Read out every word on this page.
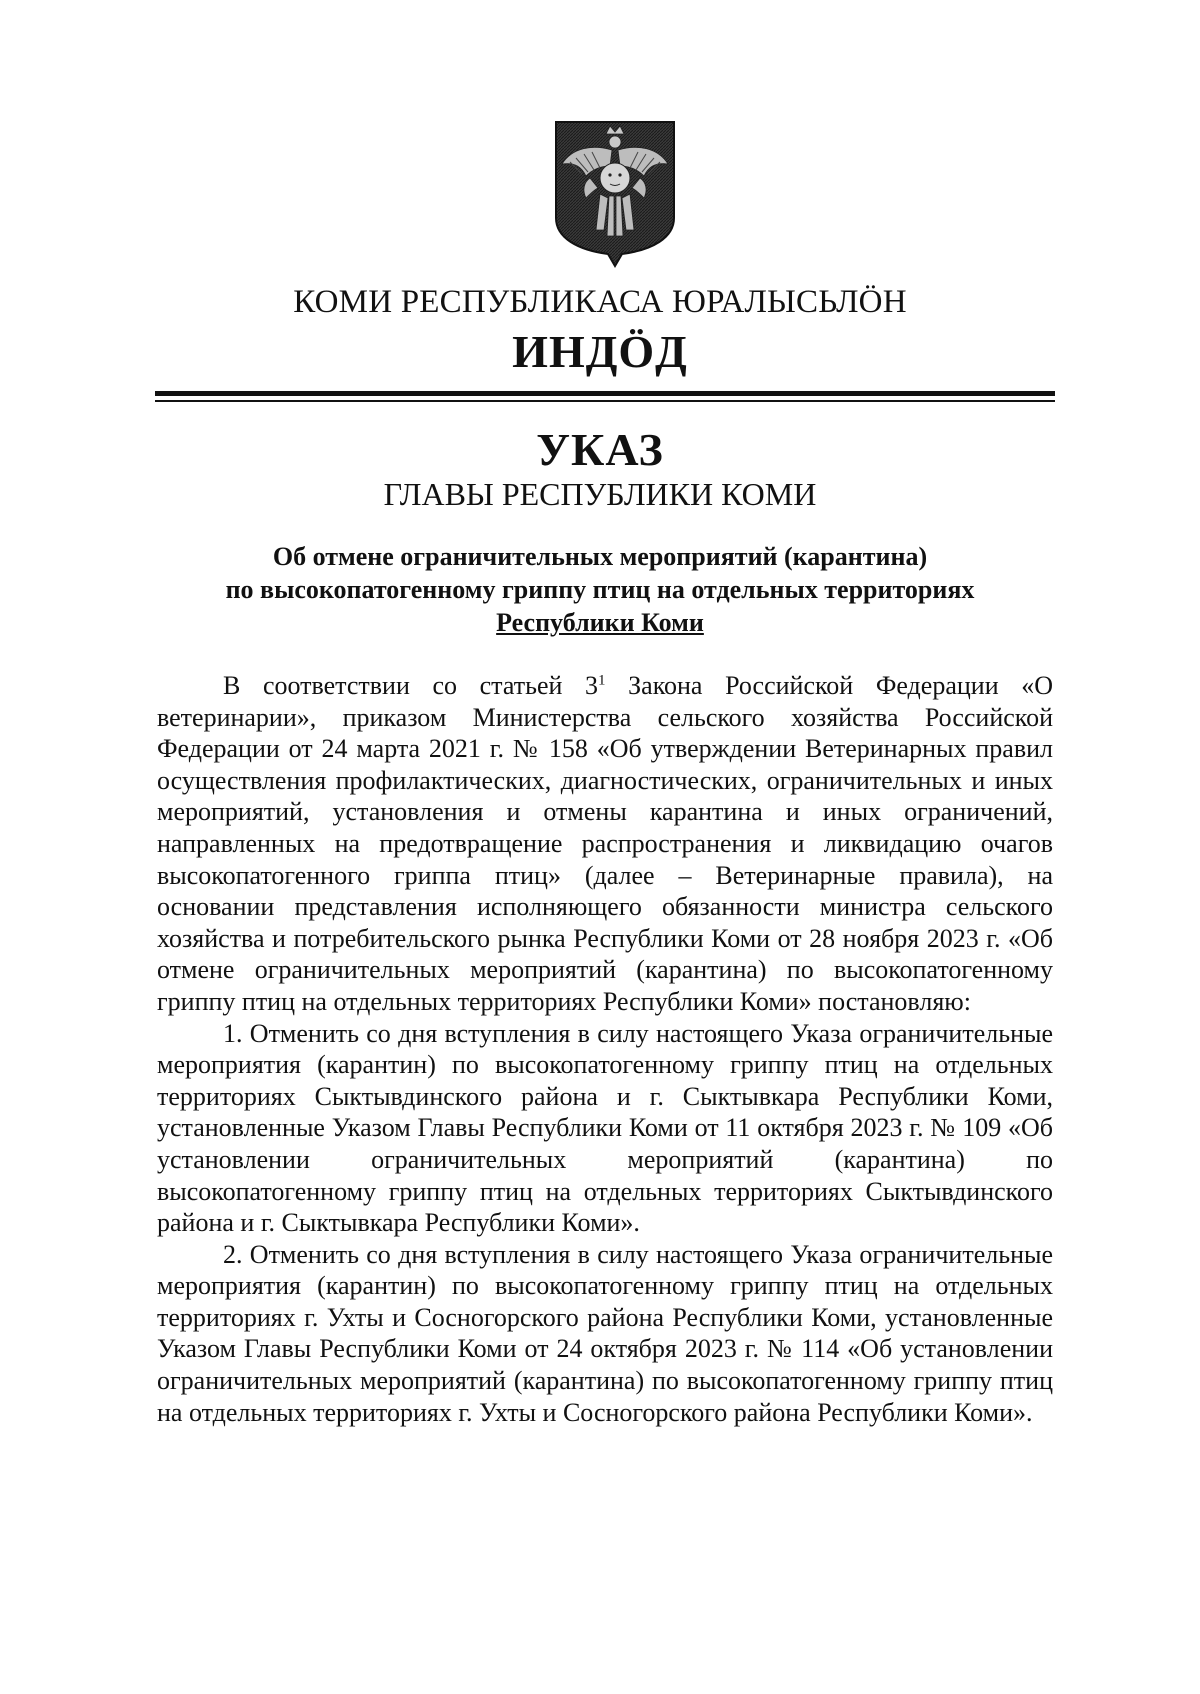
КОМИ РЕСПУБЛИКАСА ЮРАЛЫСЬЛÖН
ИНДÖД
УКАЗ
ГЛАВЫ РЕСПУБЛИКИ КОМИ
Об отмене ограничительных мероприятий (карантина)
по высокопатогенному гриппу птиц на отдельных территориях
Республики Коми

В соответствии со статьей $3^1$ Закона Российской Федерации «О ветеринарии», приказом Министерства сельского хозяйства Российской Федерации от 24 марта 2021 г. № 158 «Об утверждении Ветеринарных правил осуществления профилактических, диагностических, ограничительных и иных мероприятий, установления и отмены карантина и иных ограничений, направленных на предотвращение распространения и ликвидацию очагов высокопатогенного гриппа птиц» (далее – Ветеринарные правила), на основании представления исполняющего обязанности министра сельского хозяйства и потребительского рынка Республики Коми от 28 ноября 2023 г. «Об отмене ограничительных мероприятий (карантина) по высокопатогенному гриппу птиц на отдельных территориях Республики Коми» постановляю:

1. Отменить со дня вступления в силу настоящего Указа ограничительные мероприятия (карантин) по высокопатогенному гриппу птиц на отдельных территориях Сыктывдинского района и г. Сыктывкара Республики Коми, установленные Указом Главы Республики Коми от 11 октября 2023 г. № 109 «Об установлении ограничительных мероприятий (карантина) по высокопатогенному гриппу птиц на отдельных территориях Сыктывдинского района и г. Сыктывкара Республики Коми».

2. Отменить со дня вступления в силу настоящего Указа ограничительные мероприятия (карантин) по высокопатогенному гриппу птиц на отдельных территориях г. Ухты и Сосногорского района Республики Коми, установленные Указом Главы Республики Коми от 24 октября 2023 г. № 114 «Об установлении ограничительных мероприятий (карантина) по высокопатогенному гриппу птиц на отдельных территориях г. Ухты и Сосногорского района Республики Коми».
